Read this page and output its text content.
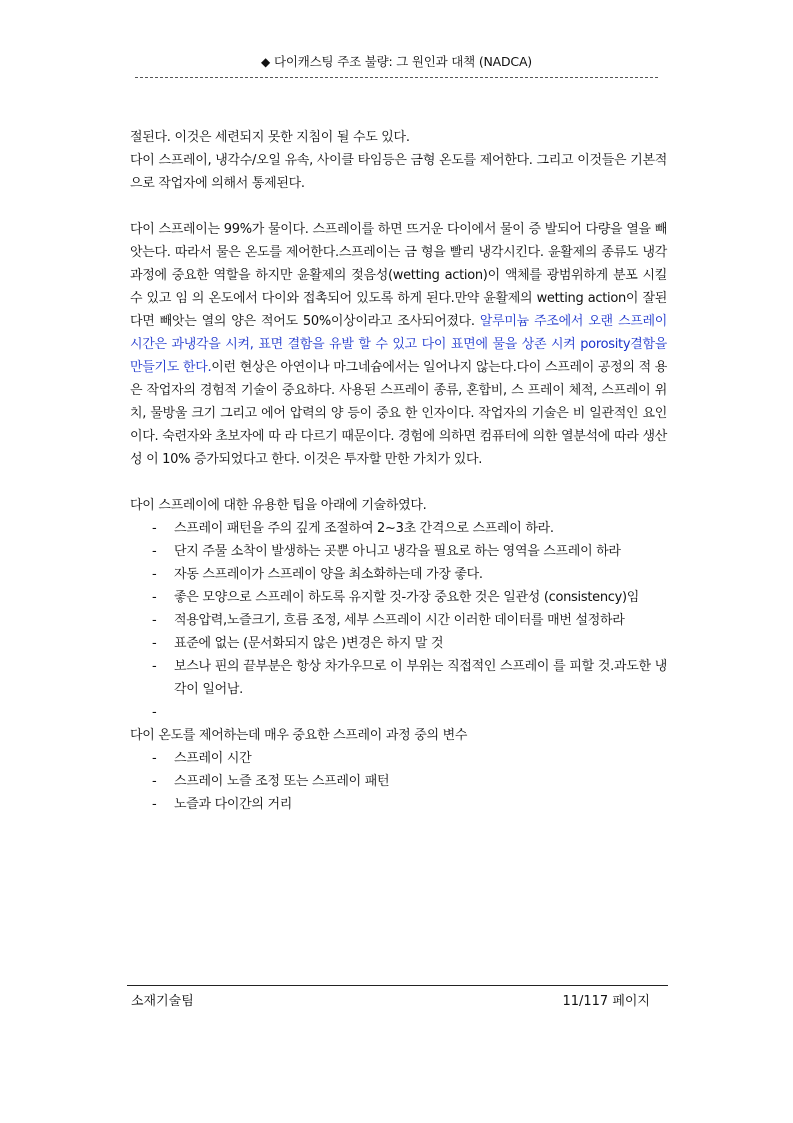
◆ 다이캐스팅 주조 불량: 그 원인과 대책 (NADCA)

절된다. 이것은 세련되지 못한 지침이 될 수도 있다.

다이 스프레이, 냉각수/오일 유속, 사이클 타임등은 금형 온도를 제어한다. 그리고 이것들은 기본적으로 작업자에 의해서 통제된다.

다이 스프레이는 99%가 물이다. 스프레이를 하면 뜨거운 다이에서 물이 증 발되어 다량을 열을 빼앗는다. 따라서 물은 온도를 제어한다.스프레이는 금 형을 빨리 냉각시킨다. 윤활제의 종류도 냉각과정에 중요한 역할을 하지만 윤활제의 젖음성(wetting action)이 액체를 광범위하게 분포 시킬 수 있고 임 의 온도에서 다이와 접촉되어 있도록 하게 된다.만약 윤활제의 wetting action이 잘된다면 빼앗는 열의 양은 적어도 50%이상이라고 조사되어졌다. 알루미늄 주조에서 오랜 스프레이 시간은 과냉각을 시켜, 표면 결함을 유발 할 수 있고 다이 표면에 물을 상존 시켜 porosity결함을 만들기도 한다.이런 현상은 아연이나 마그네슘에서는 일어나지 않는다.다이 스프레이 공정의 적 용은 작업자의 경험적 기술이 중요하다. 사용된 스프레이 종류, 혼합비, 스 프레이 체적, 스프레이 위치, 물방울 크기 그리고 에어 압력의 양 등이 중요 한 인자이다. 작업자의 기술은 비 일관적인 요인이다. 숙련자와 초보자에 따 라 다르기 때문이다. 경험에 의하면 컴퓨터에 의한 열분석에 따라 생산성 이 10% 증가되었다고 한다. 이것은 투자할 만한 가치가 있다.

다이 스프레이에 대한 유용한 팁을 아래에 기술하였다.

- 스프레이 패턴을 주의 깊게 조절하여 2~3초 간격으로 스프레이 하라.
- 단지 주물 소착이 발생하는 곳뿐 아니고 냉각을 필요로 하는 영역을 스프레이 하라
- 자동 스프레이가 스프레이 양을 최소화하는데 가장 좋다.
- 좋은 모양으로 스프레이 하도록 유지할 것-가장 중요한 것은 일관성 (consistency)임
- 적용압력,노즐크기, 흐름 조정, 세부 스프레이 시간 이러한 데이터를 매번 설정하라
- 표준에 없는 (문서화되지 않은 )변경은 하지 말 것
- 보스나 핀의 끝부분은 항상 차가우므로 이 부위는 직접적인 스프레이 를 피할 것.과도한 냉각이 일어남.
-

다이 온도를 제어하는데 매우 중요한 스프레이 과정 중의 변수

- 스프레이 시간
- 스프레이 노즐 조정 또는 스프레이 패턴
- 노즐과 다이간의 거리
소재기술팀	11/117 페이지
